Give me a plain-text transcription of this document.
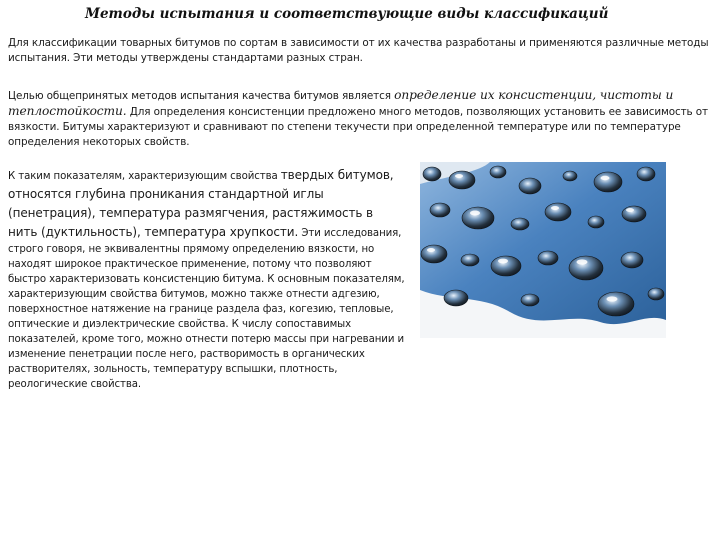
Методы испытания и соответствующие виды классификаций
Для классификации товарных битумов по сортам в зависимости от их качества разработаны и применяются различные методы испытания. Эти методы утверждены стандартами разных стран.
Целью общепринятых методов испытания качества битумов является определение их консистенции, чистоты и теплостойкости. Для определения консистенции предложено много методов, позволяющих установить ее зависимость от вязкости. Битумы характеризуют и сравнивают по степени текучести при определенной температуре или по температуре определения некоторых свойств.
К таким показателям, характеризующим свойства твердых битумов, относятся глубина проникания стандартной иглы (пенетрация), температура размягчения, растяжимость в нить (дуктильность), температура хрупкости. Эти исследования, строго говоря, не эквивалентны прямому определению вязкости, но находят широкое практическое применение, потому что позволяют быстро характеризовать консистенцию битума. К основным показателям, характеризующим свойства битумов, можно также отнести адгезию, поверхностное натяжение на границе раздела фаз, когезию, тепловые, оптические и диэлектрические свойства. К числу сопоставимых показателей, кроме того, можно отнести потерю массы при нагревании и изменение пенетрации после него, растворимость в органических растворителях, зольность, температуру вспышки, плотность, реологические свойства.
